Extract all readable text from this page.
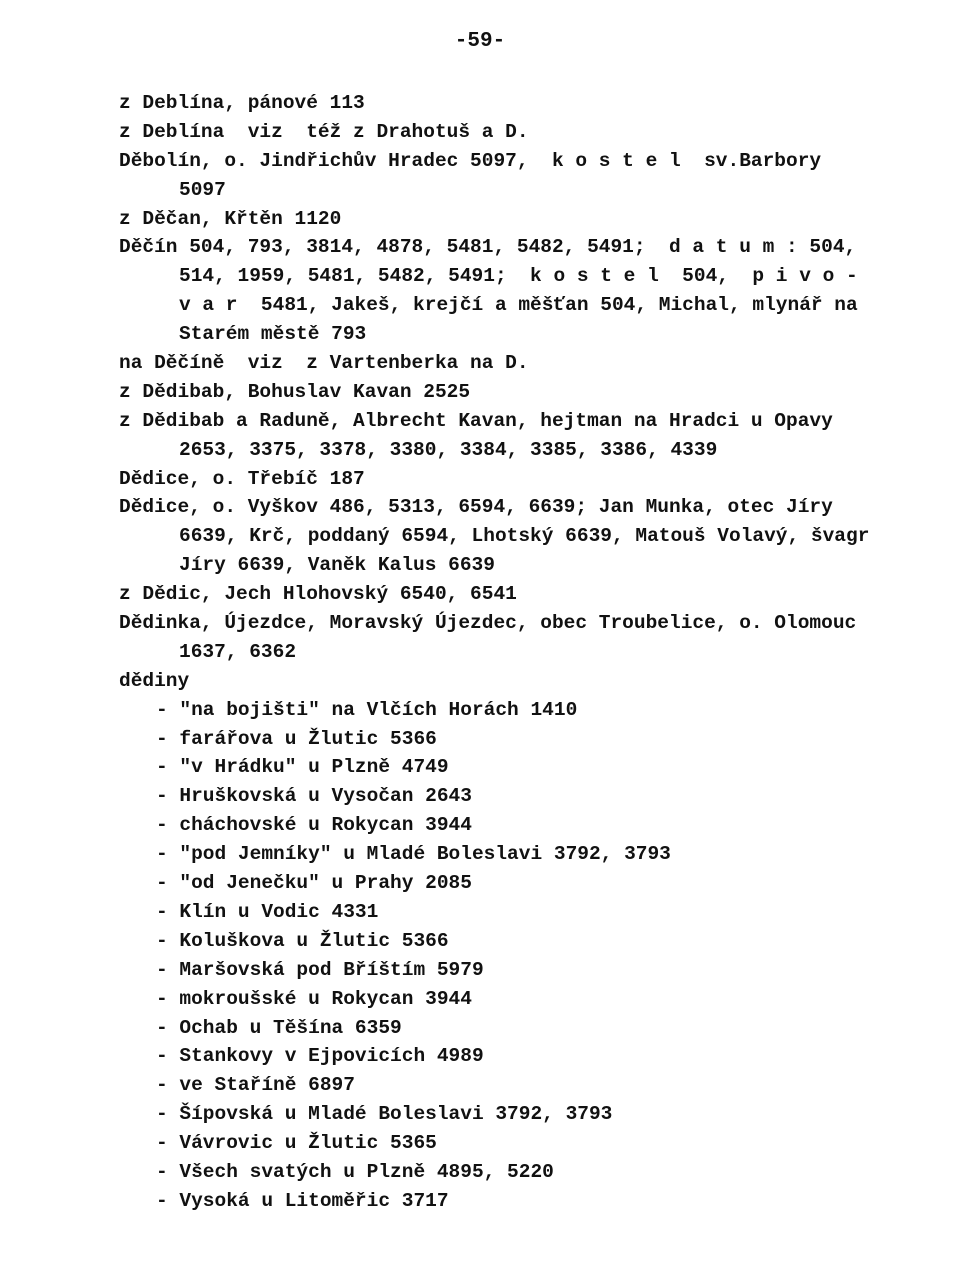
-59-
z Deblína, pánové 113
z Deblína  viz  též z Drahotuš a D.
Děbolín, o. Jindřichův Hradec 5097,  k o s t e l  sv.Barbory
5097
z Děčan, Křtěn 1120
Děčín 504, 793, 3814, 4878, 5481, 5482, 5491;  d a t u m : 504,
514, 1959, 5481, 5482, 5491;  k o s t e l  504,  p i v o -
v a r  5481, Jakeš, krejčí a měšťan 504, Michal, mlynář na
Starém městě 793
na Děčíně  viz  z Vartenberka na D.
z Dědibab, Bohuslav Kavan 2525
z Dědibab a Raduně, Albrecht Kavan, hejtman na Hradci u Opavy
2653, 3375, 3378, 3380, 3384, 3385, 3386, 4339
Dědice, o. Třebíč 187
Dědice, o. Vyškov 486, 5313, 6594, 6639; Jan Munka, otec Jíry
6639, Krč, poddaný 6594, Lhotský 6639, Matouš Volavý, švagr
Jíry 6639, Vaněk Kalus 6639
z Dědic, Jech Hlohovský 6540, 6541
Dědinka, Újezdce, Moravský Újezdec, obec Troubelice, o. Olomouc
1637, 6362
dědiny
- "na bojišti" na Vlčích Horách 1410
- farářova u Žlutic 5366
- "v Hrádku" u Plzně 4749
- Hruškovská u Vysočan 2643
- cháchovské u Rokycan 3944
- "pod Jemníky" u Mladé Boleslavi 3792, 3793
- "od Jenečku" u Prahy 2085
- Klín u Vodic 4331
- Koluškova u Žlutic 5366
- Maršovská pod Bříštím 5979
- mokroušské u Rokycan 3944
- Ochab u Těšína 6359
- Stankovy v Ejpovicích 4989
- ve Staříně 6897
- Šípovská u Mladé Boleslavi 3792, 3793
- Vávrovic u Žlutic 5365
- Všech svatých u Plzně 4895, 5220
- Vysoká u Litoměřic 3717
